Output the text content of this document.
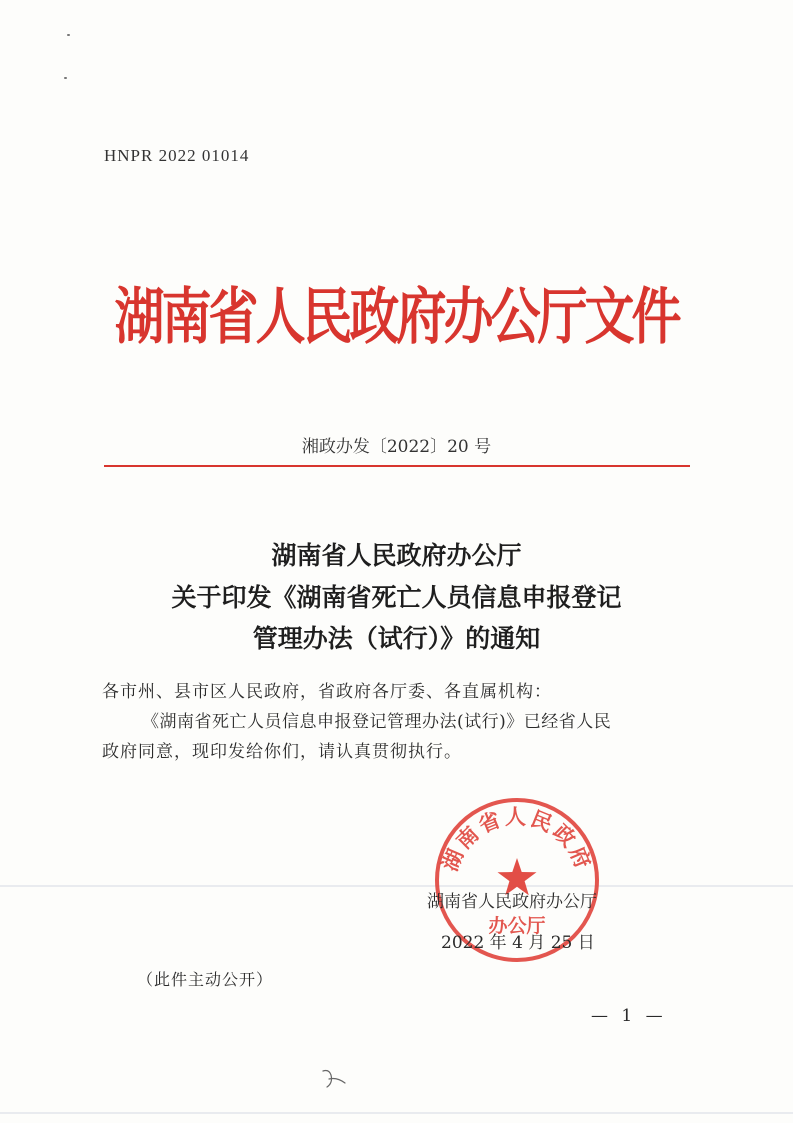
HNPR 2022 01014
湖南省人民政府办公厅文件
湘政办发〔2022〕20 号
湖南省人民政府办公厅
关于印发《湖南省死亡人员信息申报登记
管理办法（试行）》的通知
各市州、县市区人民政府，省政府各厅委、各直属机构：
《湖南省死亡人员信息申报登记管理办法(试行)》已经省人民
政府同意，现印发给你们，请认真贯彻执行。
湖南省人民政府
办公厅
湖南省人民政府办公厅
2022 年 4 月 25 日
（此件主动公开）
— 1 —
